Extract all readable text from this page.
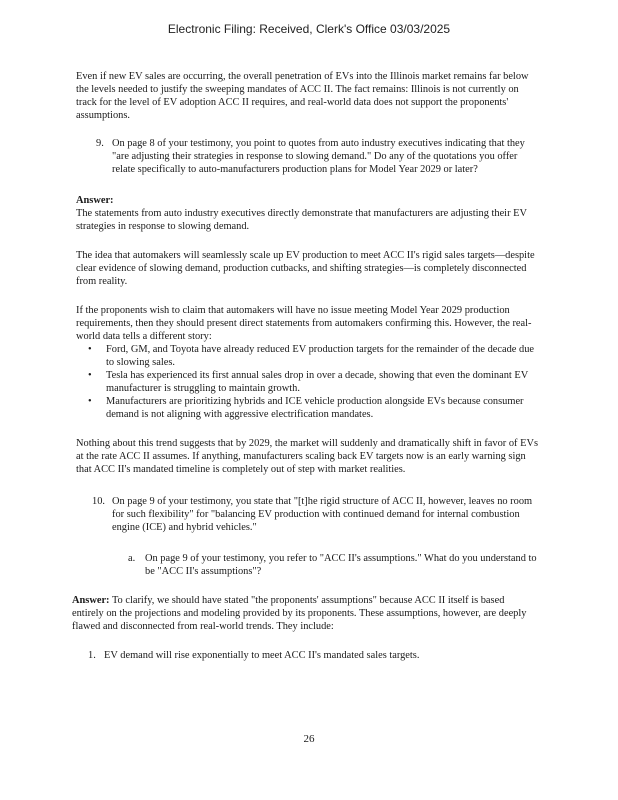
Electronic Filing: Received, Clerk's Office 03/03/2025

Even if new EV sales are occurring, the overall penetration of EVs into the Illinois market remains far below the levels needed to justify the sweeping mandates of ACC II. The fact remains: Illinois is not currently on track for the level of EV adoption ACC II requires, and real-world data does not support the proponents' assumptions.

9. On page 8 of your testimony, you point to quotes from auto industry executives indicating that they "are adjusting their strategies in response to slowing demand." Do any of the quotations you offer relate specifically to auto-manufacturers production plans for Model Year 2029 or later?

Answer:

The statements from auto industry executives directly demonstrate that manufacturers are adjusting their EV strategies in response to slowing demand.

The idea that automakers will seamlessly scale up EV production to meet ACC II's rigid sales targets—despite clear evidence of slowing demand, production cutbacks, and shifting strategies—is completely disconnected from reality.

If the proponents wish to claim that automakers will have no issue meeting Model Year 2029 production requirements, then they should present direct statements from automakers confirming this. However, the real-world data tells a different story:

•	Ford, GM, and Toyota have already reduced EV production targets for the remainder of the decade due to slowing sales.
•	Tesla has experienced its first annual sales drop in over a decade, showing that even the dominant EV manufacturer is struggling to maintain growth.
•	Manufacturers are prioritizing hybrids and ICE vehicle production alongside EVs because consumer demand is not aligning with aggressive electrification mandates.

Nothing about this trend suggests that by 2029, the market will suddenly and dramatically shift in favor of EVs at the rate ACC II assumes. If anything, manufacturers scaling back EV targets now is an early warning sign that ACC II's mandated timeline is completely out of step with market realities.

10. On page 9 of your testimony, you state that "[t]he rigid structure of ACC II, however, leaves no room for such flexibility" for "balancing EV production with continued demand for internal combustion engine (ICE) and hybrid vehicles."
a. On page 9 of your testimony, you refer to "ACC II's assumptions." What do you understand to be "ACC II's assumptions"?

Answer: To clarify, we should have stated "the proponents' assumptions" because ACC II itself is based entirely on the projections and modeling provided by its proponents. These assumptions, however, are deeply flawed and disconnected from real-world trends. They include:

1. EV demand will rise exponentially to meet ACC II's mandated sales targets.
26
